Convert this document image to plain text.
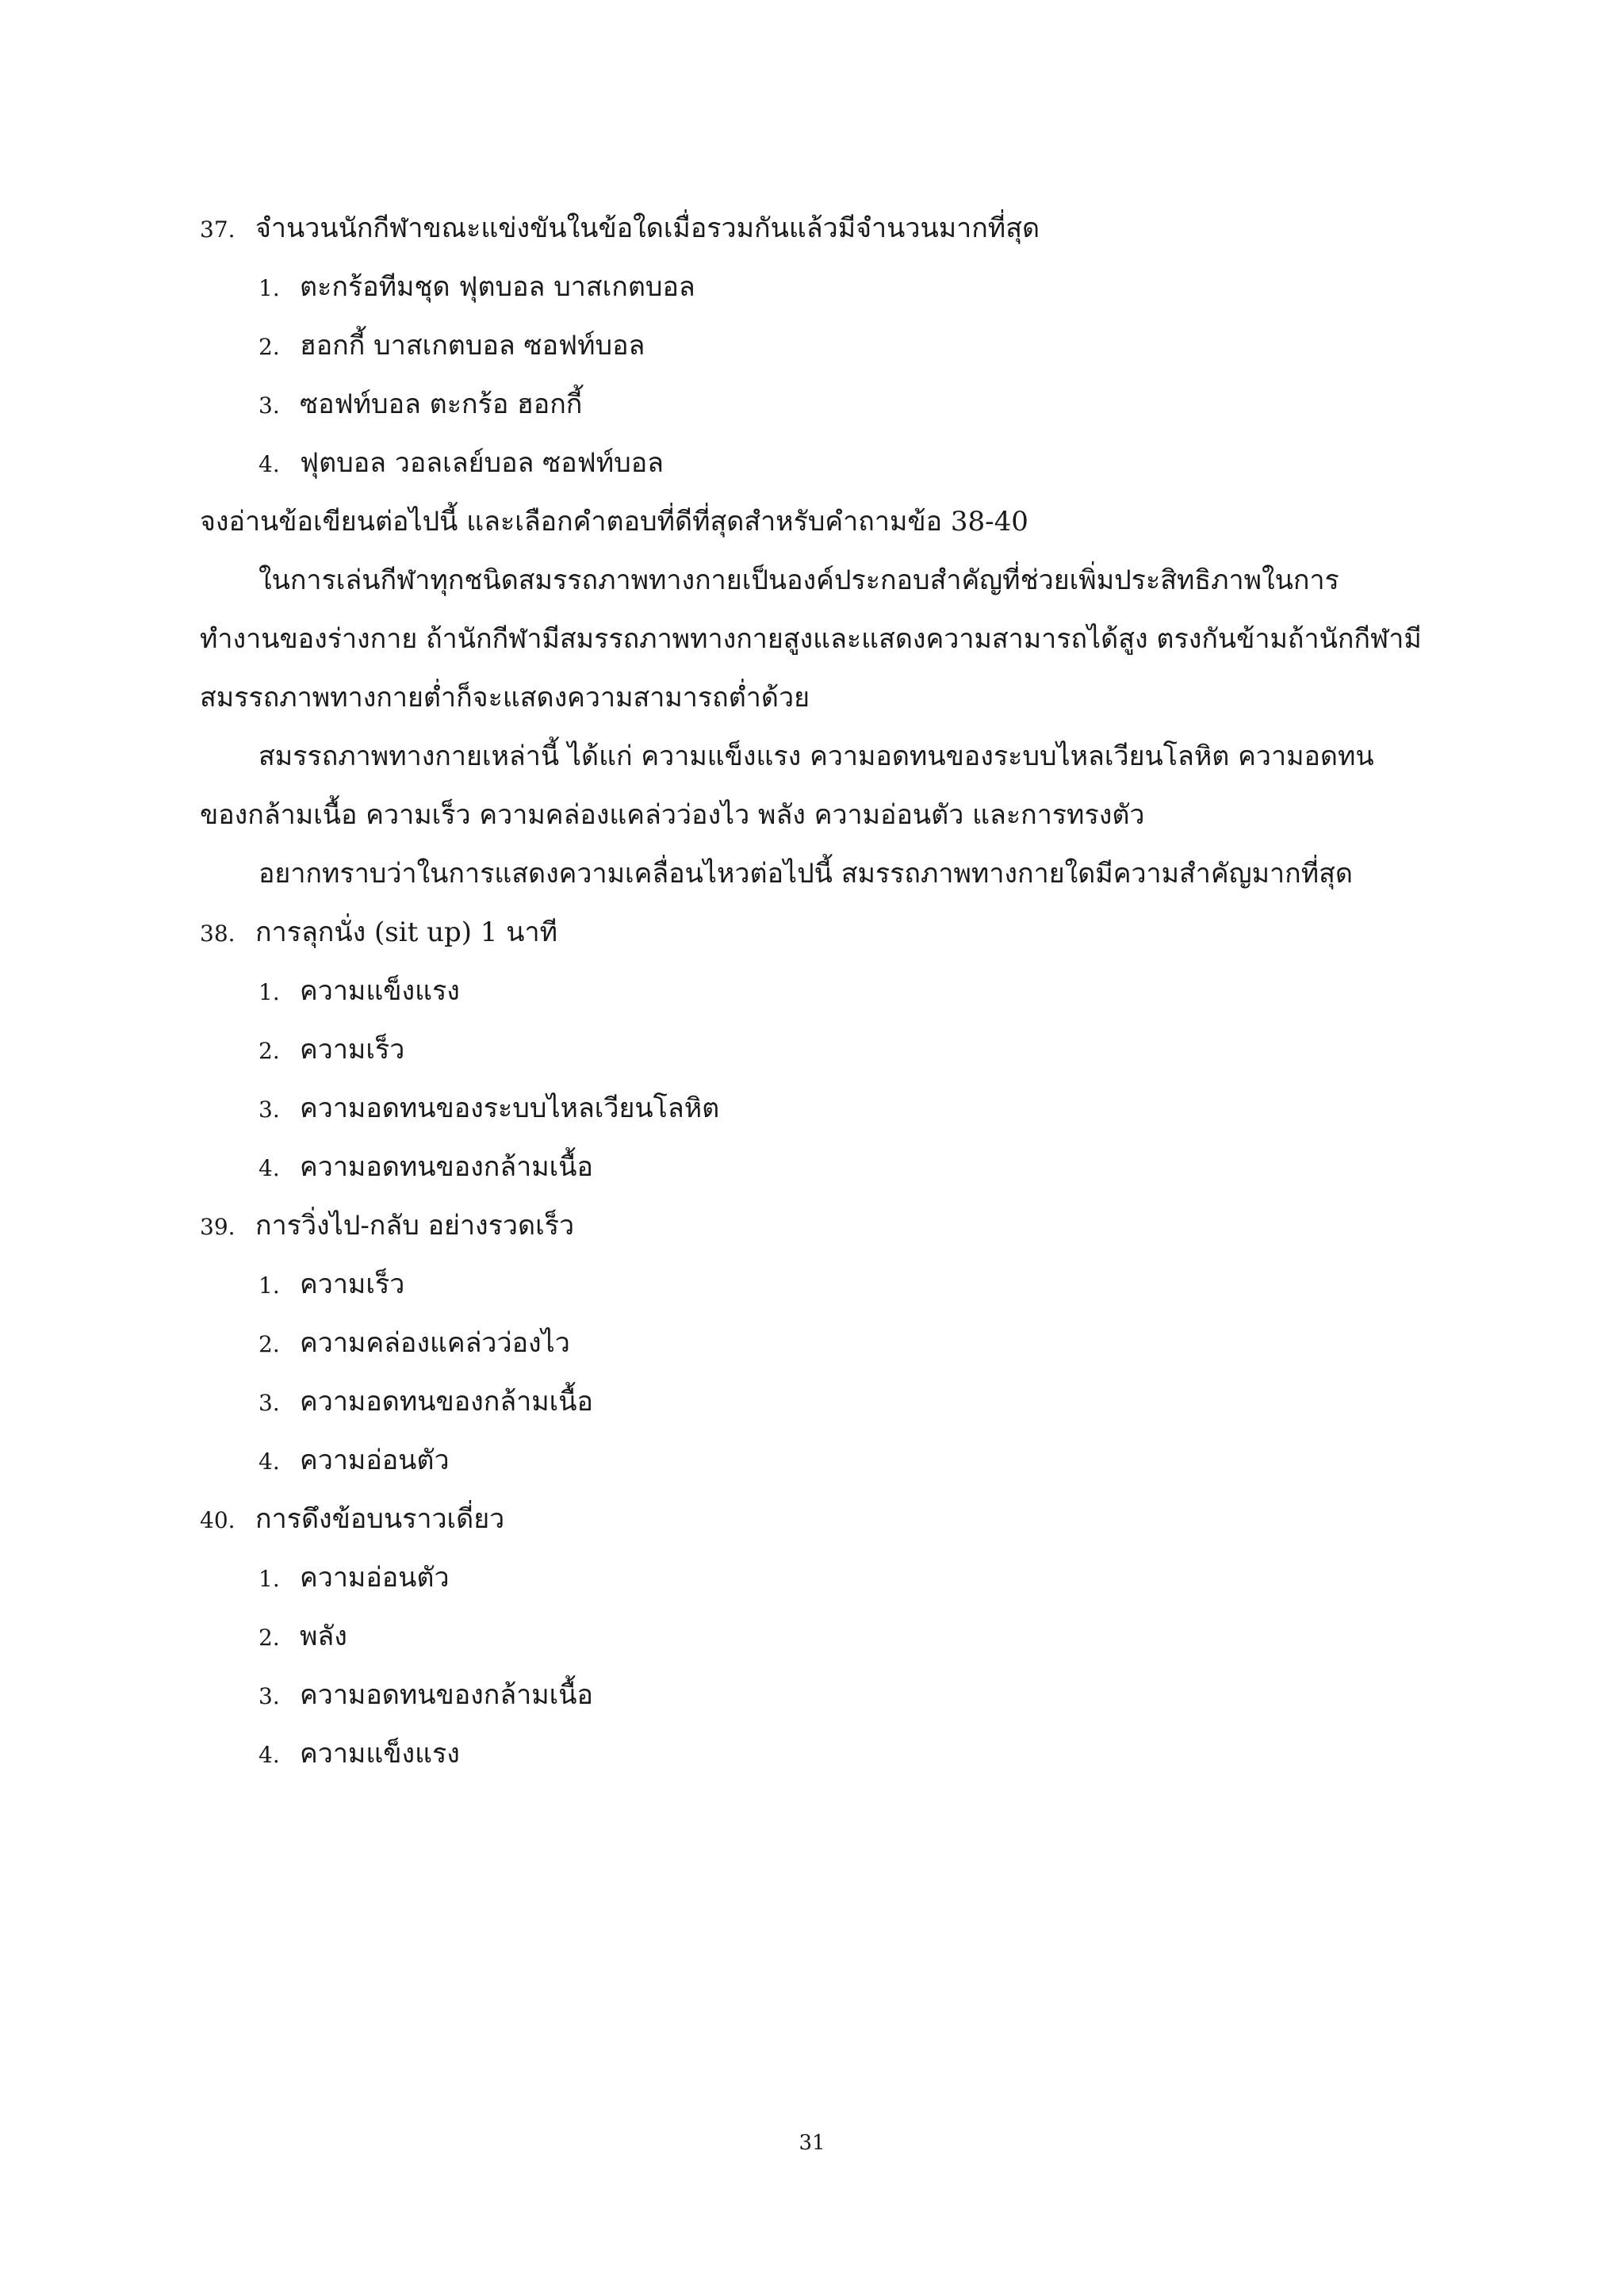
37. จำนวนนักกีฬาขณะแข่งขันในข้อใดเมื่อรวมกันแล้วมีจำนวนมากที่สุด
1. ตะกร้อทีมชุด ฟุตบอล บาสเกตบอล
2. ฮอกกี้ บาสเกตบอล ซอฟท์บอล
3. ซอฟท์บอล ตะกร้อ ฮอกกี้
4. ฟุตบอล วอลเลย์บอล ซอฟท์บอล
จงอ่านข้อเขียนต่อไปนี้ และเลือกคำตอบที่ดีที่สุดสำหรับคำถามข้อ 38-40
ในการเล่นกีฬาทุกชนิดสมรรถภาพทางกายเป็นองค์ประกอบสำคัญที่ช่วยเพิ่มประสิทธิภาพในการ
ทำงานของร่างกาย ถ้านักกีฬามีสมรรถภาพทางกายสูงและแสดงความสามารถได้สูง ตรงกันข้ามถ้านักกีฬามี
สมรรถภาพทางกายต่ำก็จะแสดงความสามารถต่ำด้วย
สมรรถภาพทางกายเหล่านี้ ได้แก่ ความแข็งแรง ความอดทนของระบบไหลเวียนโลหิต ความอดทน
ของกล้ามเนื้อ ความเร็ว ความคล่องแคล่วว่องไว พลัง ความอ่อนตัว และการทรงตัว
อยากทราบว่าในการแสดงความเคลื่อนไหวต่อไปนี้ สมรรถภาพทางกายใดมีความสำคัญมากที่สุด
38. การลุกนั่ง (sit up) 1 นาที
1. ความแข็งแรง
2. ความเร็ว
3. ความอดทนของระบบไหลเวียนโลหิต
4. ความอดทนของกล้ามเนื้อ
39. การวิ่งไป-กลับ อย่างรวดเร็ว
1. ความเร็ว
2. ความคล่องแคล่วว่องไว
3. ความอดทนของกล้ามเนื้อ
4. ความอ่อนตัว
40. การดึงข้อบนราวเดี่ยว
1. ความอ่อนตัว
2. พลัง
3. ความอดทนของกล้ามเนื้อ
4. ความแข็งแรง
31
